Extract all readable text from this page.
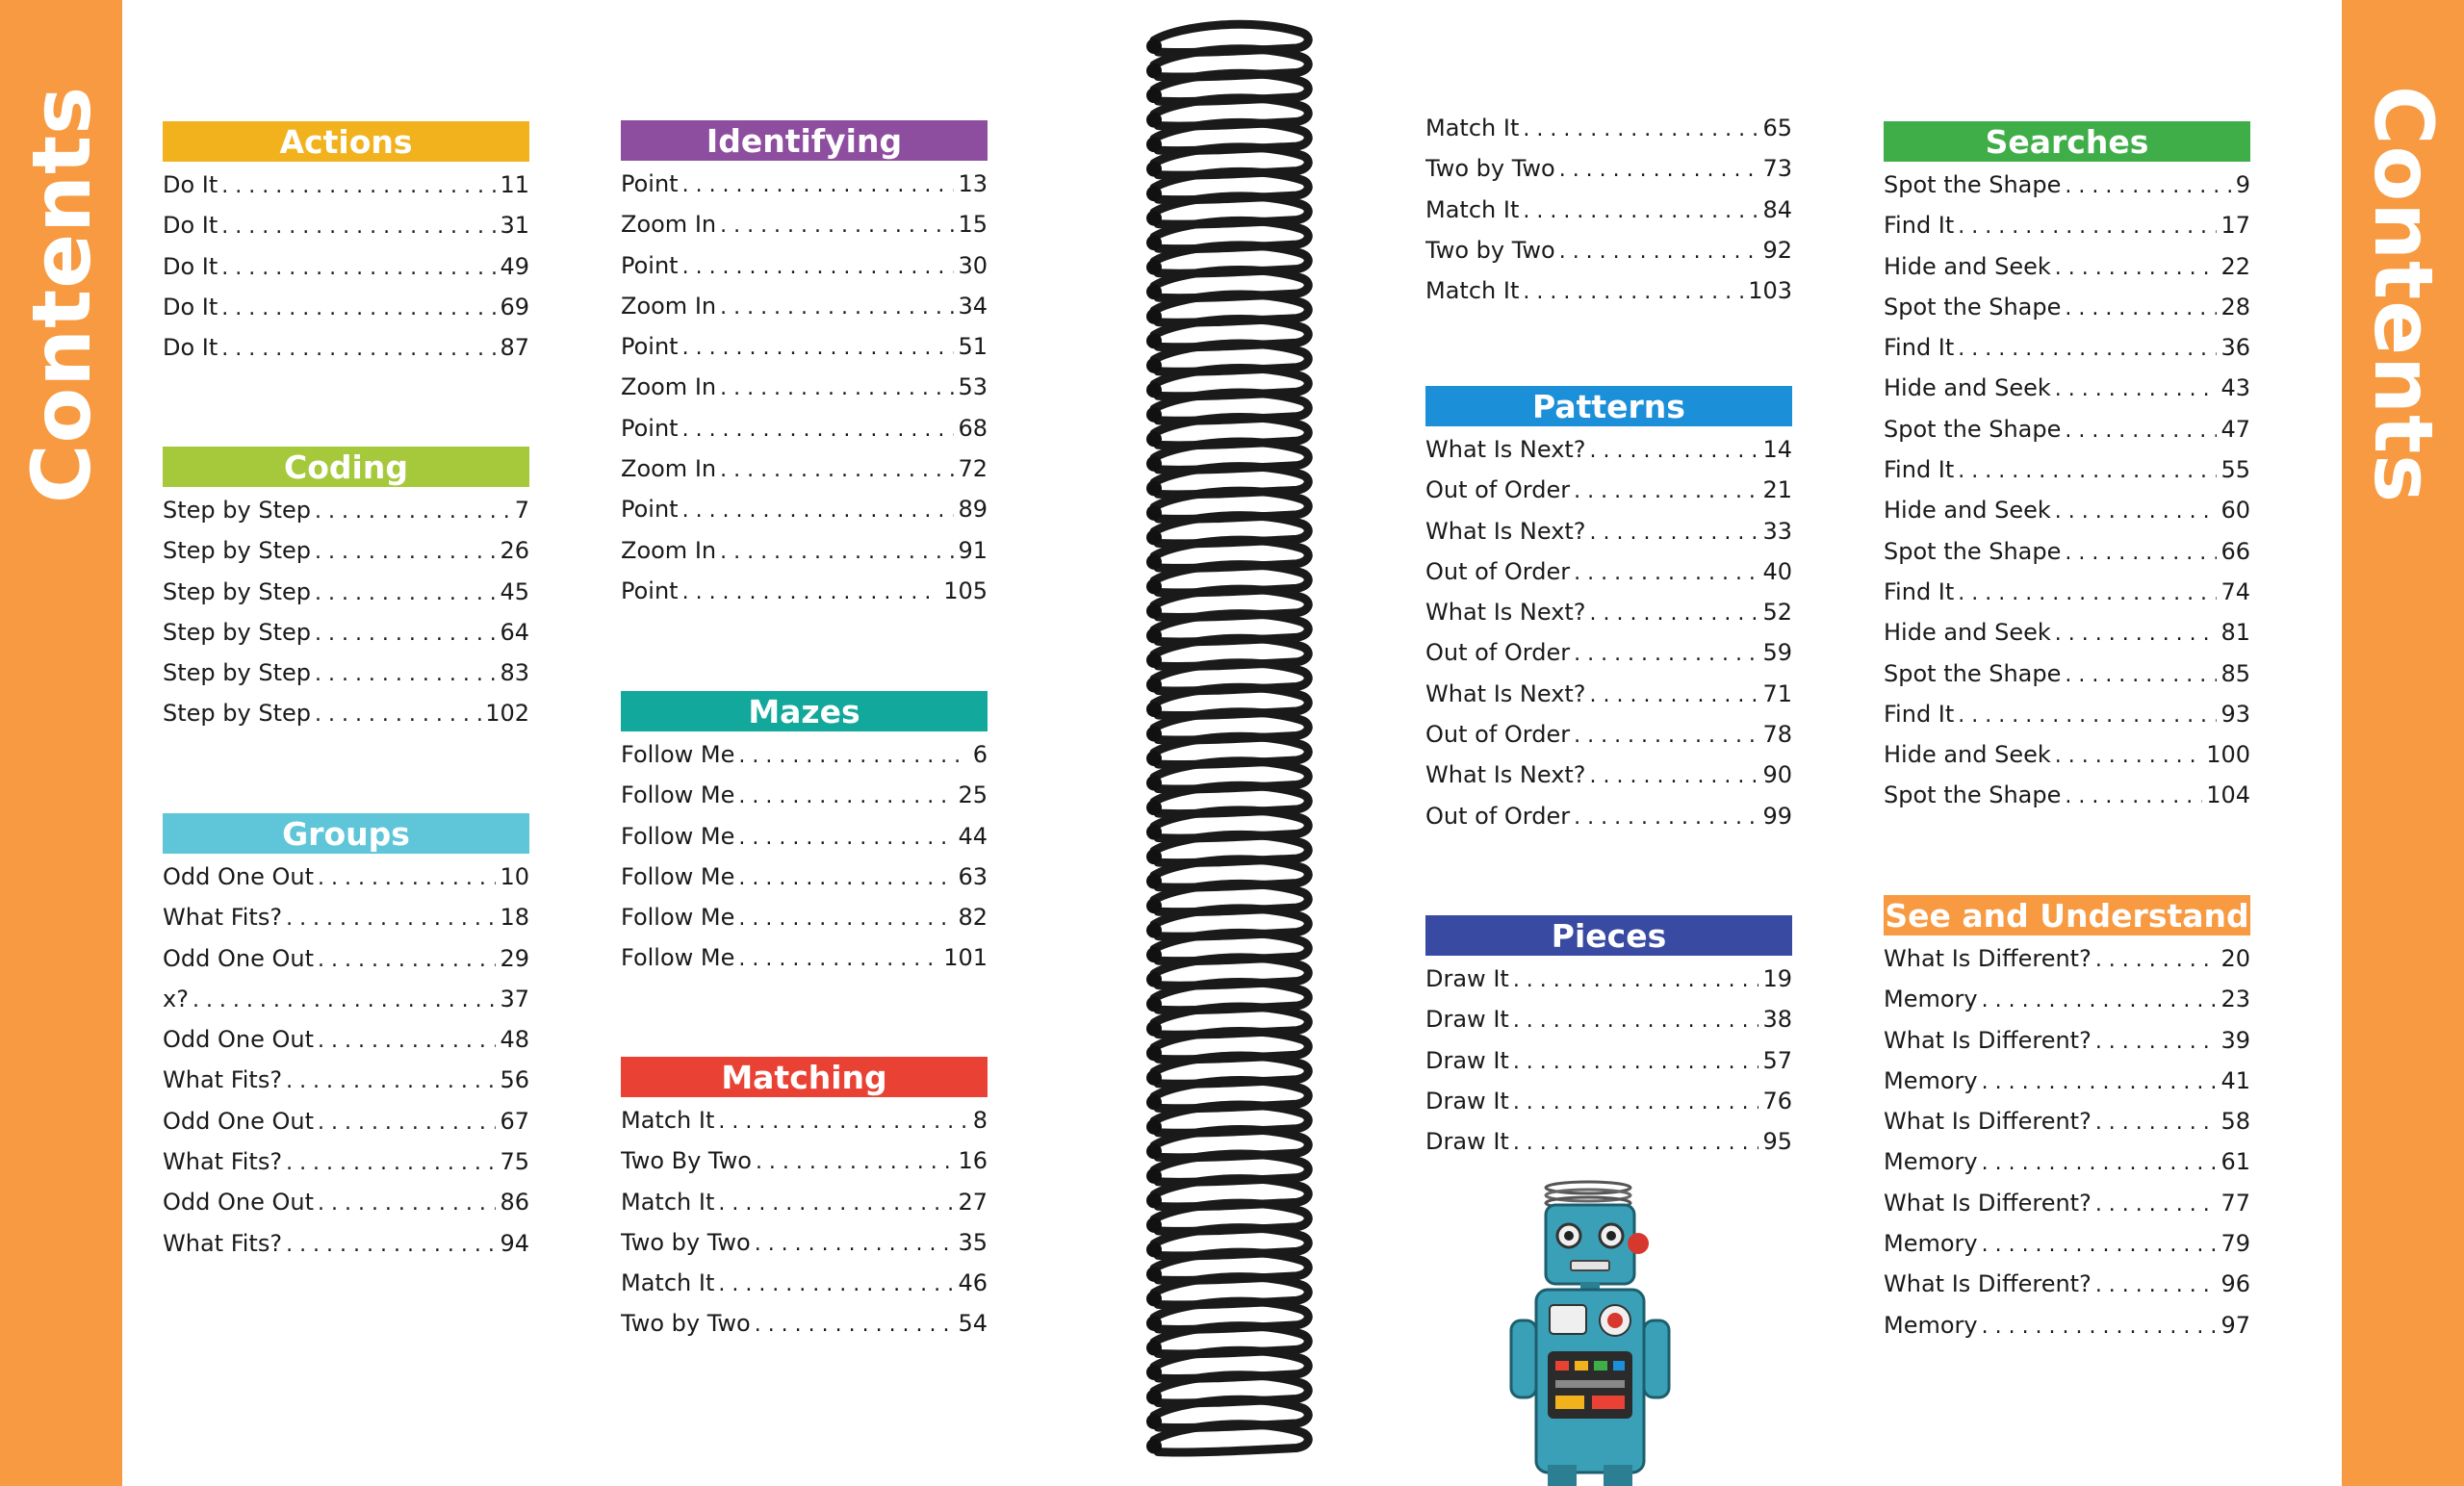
Contents	Contents
Actions
Do It . . .	11
Do It . . .	31
Do It . . .	49
Do It . . .	69
Do It . . .	87
Coding
Step by Step . . .	7
Step by Step . . .	26
Step by Step . . .	45
Step by Step . . .	64
Step by Step . . .	83
Step by Step . . .	102
Groups
Odd One Out . . .	10
What Fits? . . .	18
Odd One Out . . .	29
x? . . .	37
Odd One Out . . .	48
What Fits? . . .	56
Odd One Out . . .	67
What Fits? . . .	75
Odd One Out . . .	86
What Fits? . . .	94
Identifying
Point . . .	13
Zoom In . . .	15
Point . . .	30
Zoom In . . .	34
Point . . .	51
Zoom In . . .	53
Point . . .	68
Zoom In . . .	72
Point . . .	89
Zoom In . . .	91
Point . . .	105
Mazes
Follow Me . . .	6
Follow Me . . .	25
Follow Me . . .	44
Follow Me . . .	63
Follow Me . . .	82
Follow Me . . .	101
Matching
Match It . . .	8
Two By Two . . .	16
Match It . . .	27
Two by Two . . .	35
Match It . . .	46
Two by Two . . .	54
Match It . . .	65
Two by Two . . .	73
Match It . . .	84
Two by Two . . .	92
Match It . . .	103
Patterns
What Is Next? . . .	14
Out of Order . . .	21
What Is Next? . . .	33
Out of Order . . .	40
What Is Next? . . .	52
Out of Order . . .	59
What Is Next? . . .	71
Out of Order . . .	78
What Is Next? . . .	90
Out of Order . . .	99
Pieces
Draw It . . .	19
Draw It . . .	38
Draw It . . .	57
Draw It . . .	76
Draw It . . .	95
Searches
Spot the Shape . . .	9
Find It . . .	17
Hide and Seek . . .	22
Spot the Shape . . .	28
Find It . . .	36
Hide and Seek . . .	43
Spot the Shape . . .	47
Find It . . .	55
Hide and Seek . . .	60
Spot the Shape . . .	66
Find It . . .	74
Hide and Seek . . .	81
Spot the Shape . . .	85
Find It . . .	93
Hide and Seek . . .	100
Spot the Shape . . .	104
See and Understand
What Is Different? . . .	20
Memory . . .	23
What Is Different? . . .	39
Memory . . .	41
What Is Different? . . .	58
Memory . . .	61
What Is Different? . . .	77
Memory . . .	79
What Is Different? . . .	96
Memory . . .	97
